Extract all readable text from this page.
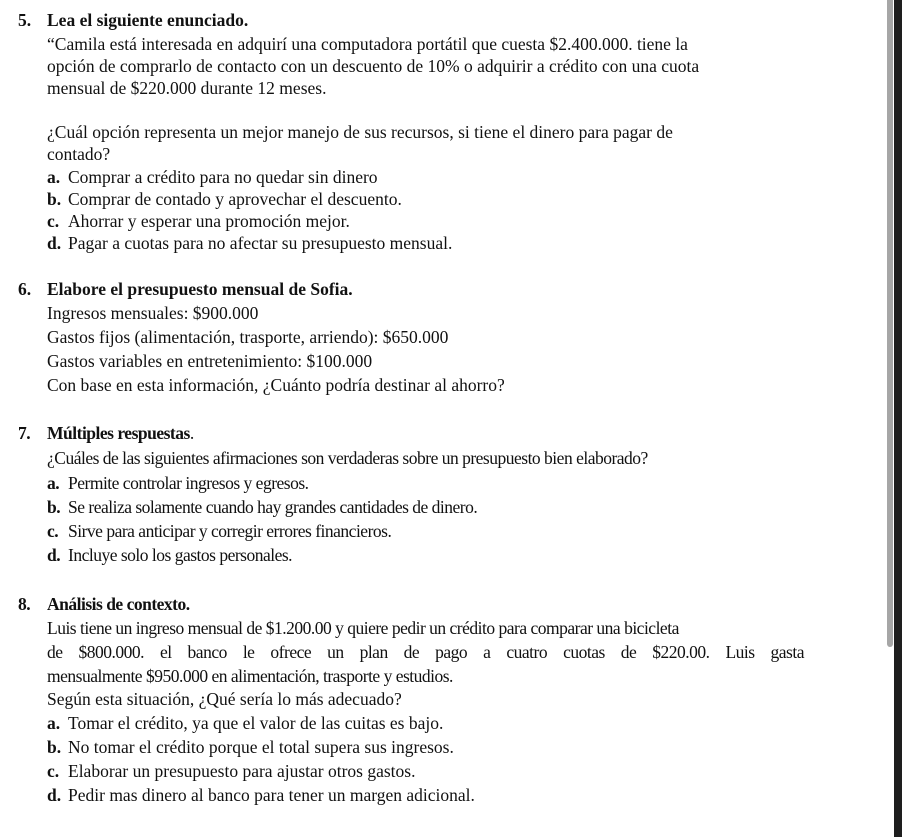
5. Lea el siguiente enunciado.
“Camila está interesada en adquirí una computadora portátil que cuesta $2.400.000. tiene la
opción de comprarlo de contacto con un descuento de 10% o adquirir a crédito con una cuota
mensual de $220.000 durante 12 meses.
¿Cuál opción representa un mejor manejo de sus recursos, si tiene el dinero para pagar de
contado?
a. Comprar a crédito para no quedar sin dinero
b. Comprar de contado y aprovechar el descuento.
c. Ahorrar y esperar una promoción mejor.
d. Pagar a cuotas para no afectar su presupuesto mensual.
6. Elabore el presupuesto mensual de Sofia.
Ingresos mensuales: $900.000
Gastos fijos (alimentación, trasporte, arriendo): $650.000
Gastos variables en entretenimiento: $100.000
Con base en esta información, ¿Cuánto podría destinar al ahorro?
7. Múltiples respuestas.
¿Cuáles de las siguientes afirmaciones son verdaderas sobre un presupuesto bien elaborado?
a. Permite controlar ingresos y egresos.
b. Se realiza solamente cuando hay grandes cantidades de dinero.
c. Sirve para anticipar y corregir errores financieros.
d. Incluye solo los gastos personales.
8. Análisis de contexto.
Luis tiene un ingreso mensual de $1.200.00 y quiere pedir un crédito para comparar una bicicleta
de $800.000. el banco le ofrece un plan de pago a cuatro cuotas de $220.00. Luis gasta
mensualmente $950.000 en alimentación, trasporte y estudios.
Según esta situación, ¿Qué sería lo más adecuado?
a. Tomar el crédito, ya que el valor de las cuitas es bajo.
b. No tomar el crédito porque el total supera sus ingresos.
c. Elaborar un presupuesto para ajustar otros gastos.
d. Pedir mas dinero al banco para tener un margen adicional.
